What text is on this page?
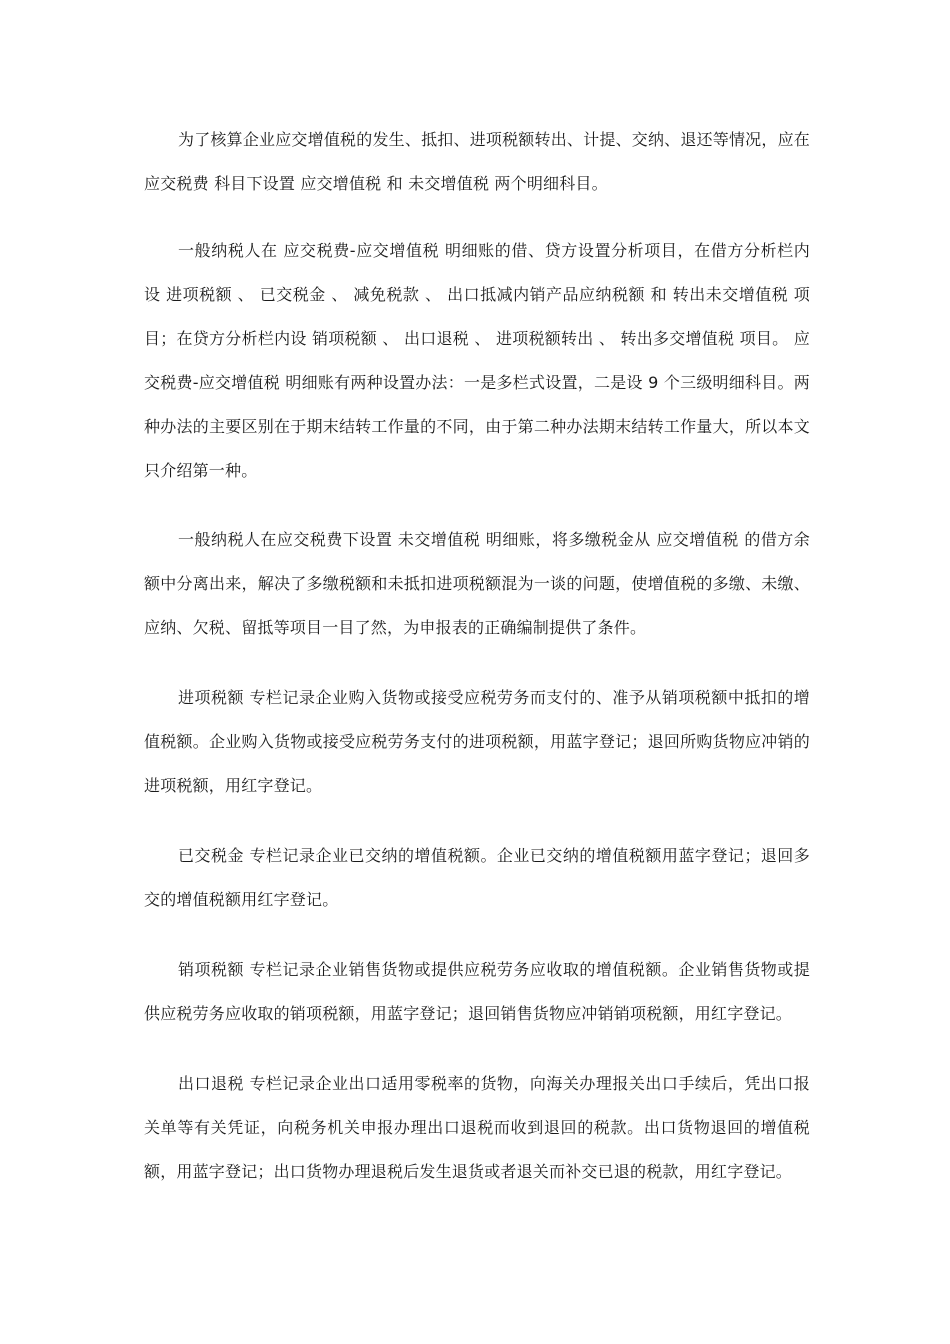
为了核算企业应交增值税的发生、抵扣、进项税额转出、计提、交纳、退还等情况，应在 应交税费 科目下设置 应交增值税 和 未交增值税 两个明细科目。

一般纳税人在 应交税费-应交增值税 明细账的借、贷方设置分析项目，在借方分析栏内设 进项税额 、 已交税金 、 减免税款 、 出口抵减内销产品应纳税额 和 转出未交增值税 项目；在贷方分析栏内设 销项税额 、 出口退税 、 进项税额转出 、 转出多交增值税 项目。 应交税费-应交增值税 明细账有两种设置办法：一是多栏式设置，二是设 9 个三级明细科目。两种办法的主要区别在于期末结转工作量的不同，由于第二种办法期末结转工作量大，所以本文只介绍第一种。

一般纳税人在应交税费下设置 未交增值税 明细账，将多缴税金从 应交增值税 的借方余额中分离出来，解决了多缴税额和未抵扣进项税额混为一谈的问题，使增值税的多缴、未缴、应纳、欠税、留抵等项目一目了然，为申报表的正确编制提供了条件。

进项税额 专栏记录企业购入货物或接受应税劳务而支付的、准予从销项税额中抵扣的增值税额。企业购入货物或接受应税劳务支付的进项税额，用蓝字登记；退回所购货物应冲销的进项税额，用红字登记。

已交税金 专栏记录企业已交纳的增值税额。企业已交纳的增值税额用蓝字登记；退回多交的增值税额用红字登记。

销项税额 专栏记录企业销售货物或提供应税劳务应收取的增值税额。企业销售货物或提供应税劳务应收取的销项税额，用蓝字登记；退回销售货物应冲销销项税额，用红字登记。

出口退税 专栏记录企业出口适用零税率的货物，向海关办理报关出口手续后，凭出口报关单等有关凭证，向税务机关申报办理出口退税而收到退回的税款。出口货物退回的增值税额，用蓝字登记；出口货物办理退税后发生退货或者退关而补交已退的税款，用红字登记。
